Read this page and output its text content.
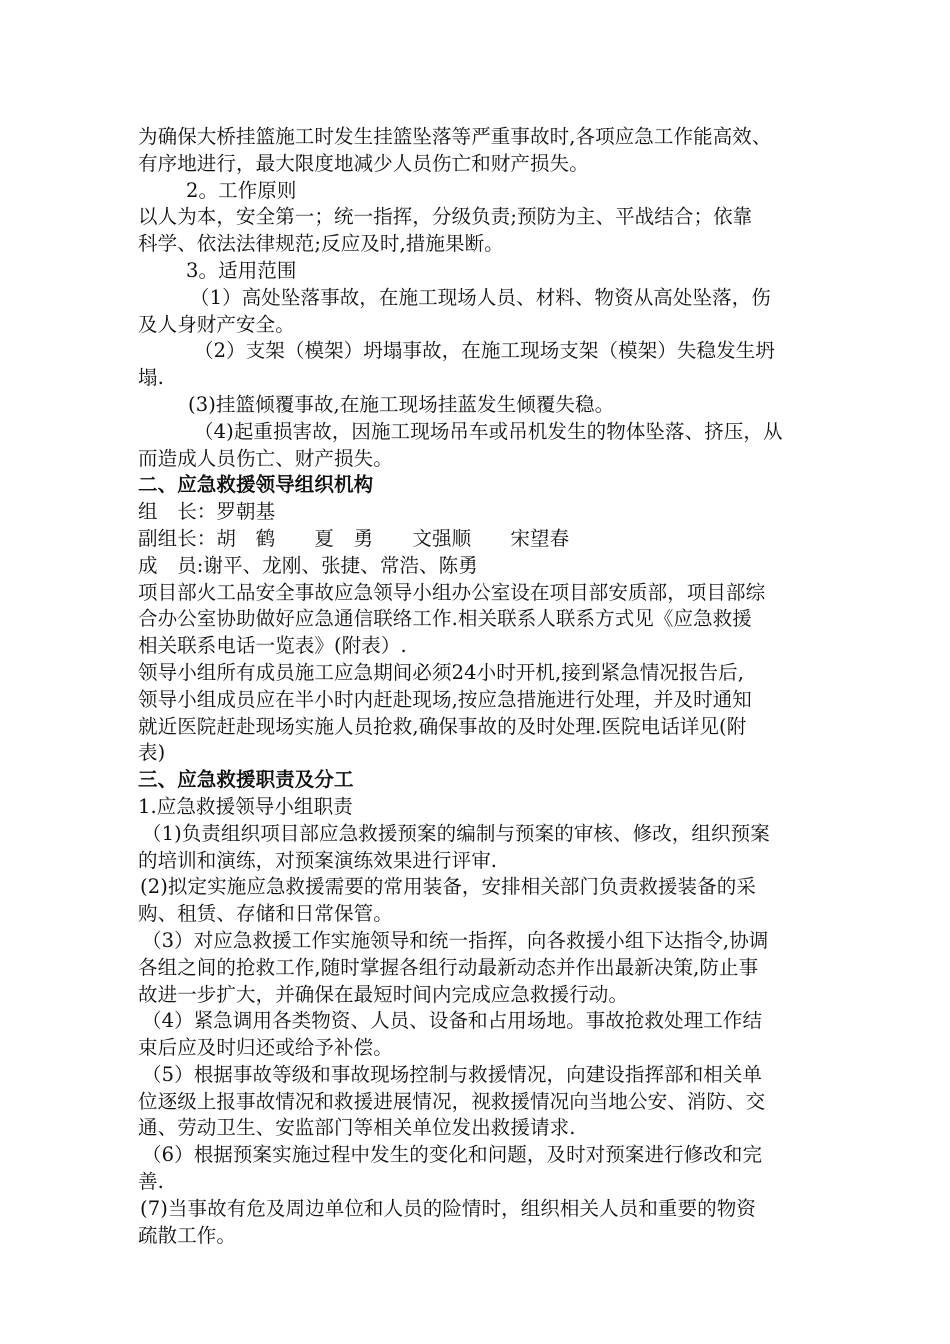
为确保大桥挂篮施工时发生挂篮坠落等严重事故时,各项应急工作能高效、
有序地进行，最大限度地减少人员伤亡和财产损失。
2。工作原则
以人为本，安全第一；统一指挥，分级负责;预防为主、平战结合；依靠
科学、依法法律规范;反应及时,措施果断。
3。适用范围
（1）高处坠落事故，在施工现场人员、材料、物资从高处坠落，伤
及人身财产安全。
（2）支架（模架）坍塌事故，在施工现场支架（模架）失稳发生坍
塌.
(3)挂篮倾覆事故,在施工现场挂蓝发生倾覆失稳。
（4)起重损害故，因施工现场吊车或吊机发生的物体坠落、挤压，从
而造成人员伤亡、财产损失。
二、应急救援领导组织机构
组　长：罗朝基
副组长：胡　鹤　　夏　勇　　文强顺　　宋望春
成　员:谢平、龙刚、张捷、常浩、陈勇
项目部火工品安全事故应急领导小组办公室设在项目部安质部，项目部综
合办公室协助做好应急通信联络工作.相关联系人联系方式见《应急救援
相关联系电话一览表》(附表）.
领导小组所有成员施工应急期间必须24小时开机,接到紧急情况报告后,
领导小组成员应在半小时内赶赴现场,按应急措施进行处理，并及时通知
就近医院赶赴现场实施人员抢救,确保事故的及时处理.医院电话详见(附
表)
三、应急救援职责及分工
1.应急救援领导小组职责
（1)负责组织项目部应急救援预案的编制与预案的审核、修改，组织预案
的培训和演练，对预案演练效果进行评审.
(2)拟定实施应急救援需要的常用装备，安排相关部门负责救援装备的采
购、租赁、存储和日常保管。
（3）对应急救援工作实施领导和统一指挥，向各救援小组下达指令,协调
各组之间的抢救工作,随时掌握各组行动最新动态并作出最新决策,防止事
故进一步扩大，并确保在最短时间内完成应急救援行动。
（4）紧急调用各类物资、人员、设备和占用场地。事故抢救处理工作结
束后应及时归还或给予补偿。
（5）根据事故等级和事故现场控制与救援情况，向建设指挥部和相关单
位逐级上报事故情况和救援进展情况，视救援情况向当地公安、消防、交
通、劳动卫生、安监部门等相关单位发出救援请求.
（6）根据预案实施过程中发生的变化和问题，及时对预案进行修改和完
善.
(7)当事故有危及周边单位和人员的险情时，组织相关人员和重要的物资
疏散工作。
